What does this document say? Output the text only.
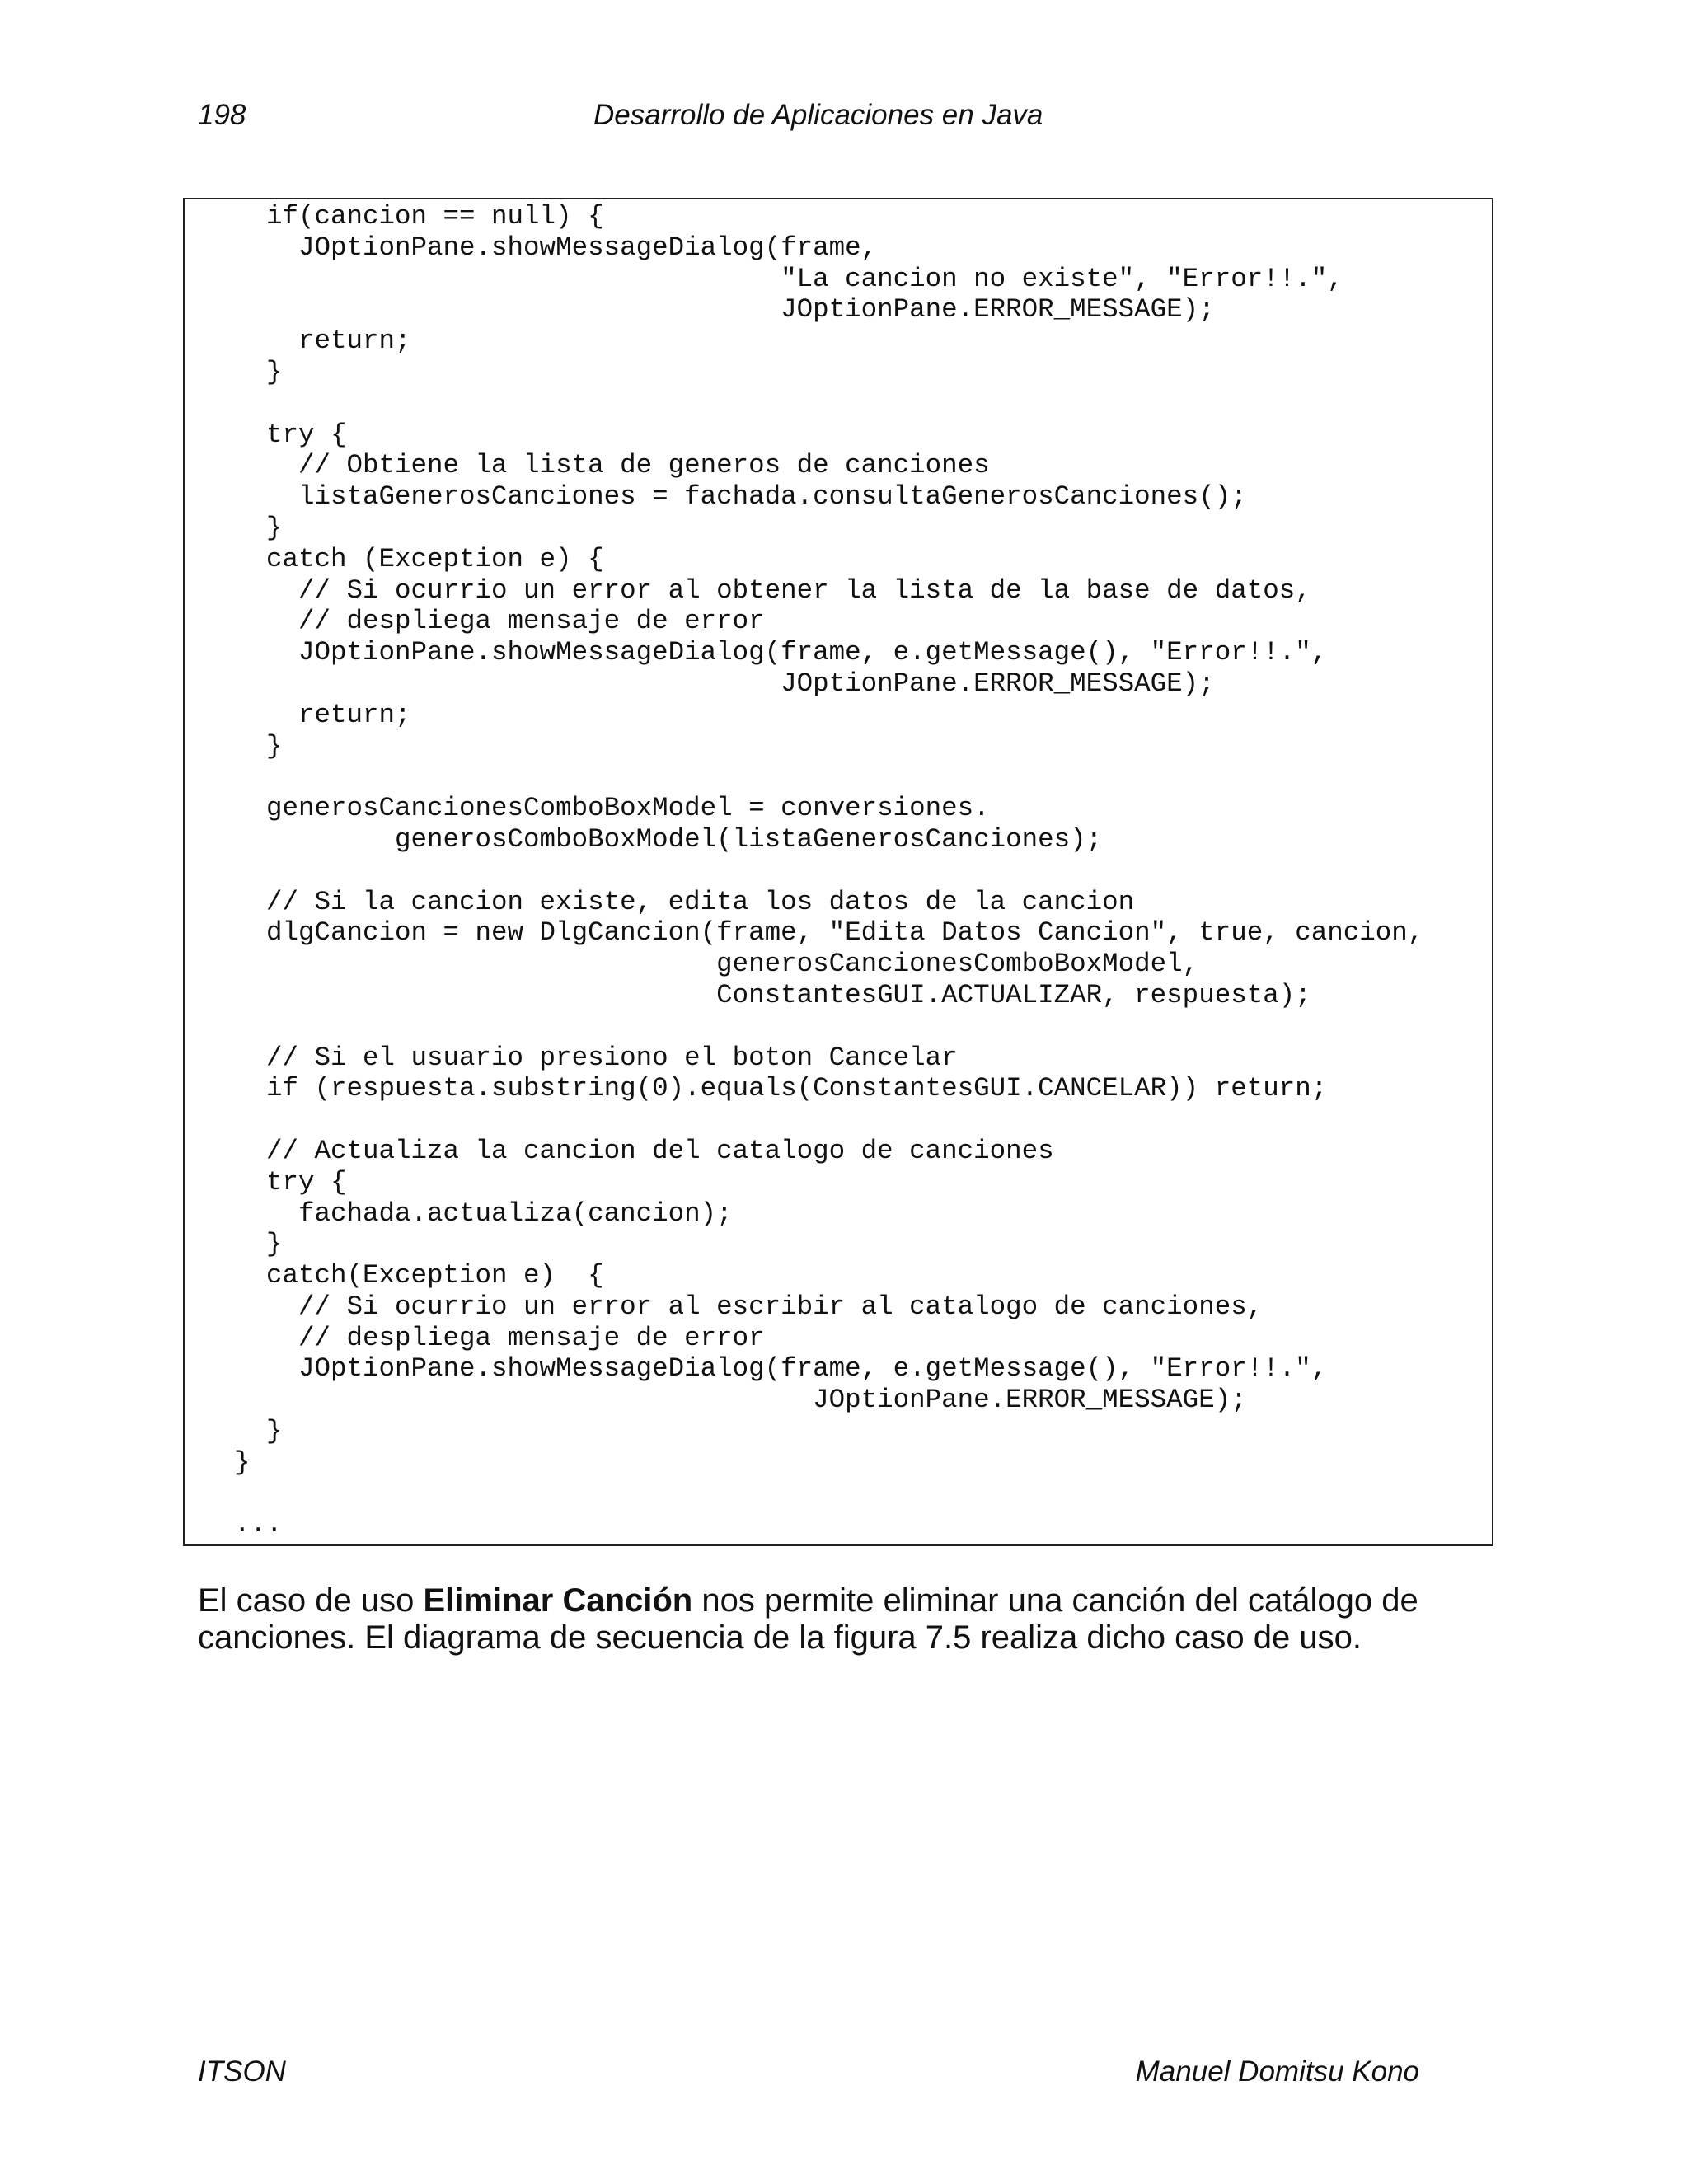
198	Desarrollo de Aplicaciones en Java
if(cancion == null) {
JOptionPane.showMessageDialog(frame,
"La cancion no existe", "Error!!.",
JOptionPane.ERROR_MESSAGE);
return;
}

try {
// Obtiene la lista de generos de canciones
listaGenerosCanciones = fachada.consultaGenerosCanciones();
}
catch (Exception e) {
// Si ocurrio un error al obtener la lista de la base de datos,
// despliega mensaje de error
JOptionPane.showMessageDialog(frame, e.getMessage(), "Error!!.",
JOptionPane.ERROR_MESSAGE);
return;
}

generosCancionesComboBoxModel = conversiones.
generosComboBoxModel(listaGenerosCanciones);

// Si la cancion existe, edita los datos de la cancion
dlgCancion = new DlgCancion(frame, "Edita Datos Cancion", true, cancion,
generosCancionesComboBoxModel,
ConstantesGUI.ACTUALIZAR, respuesta);

// Si el usuario presiono el boton Cancelar
if (respuesta.substring(0).equals(ConstantesGUI.CANCELAR)) return;

// Actualiza la cancion del catalogo de canciones
try {
fachada.actualiza(cancion);
}
catch(Exception e)  {
// Si ocurrio un error al escribir al catalogo de canciones,
// despliega mensaje de error
JOptionPane.showMessageDialog(frame, e.getMessage(), "Error!!.",
JOptionPane.ERROR_MESSAGE);
}
}

...

El caso de uso Eliminar Canción nos permite eliminar una canción del catálogo de canciones. El diagrama de secuencia de la figura 7.5 realiza dicho caso de uso.

ITSON	Manuel Domitsu Kono
